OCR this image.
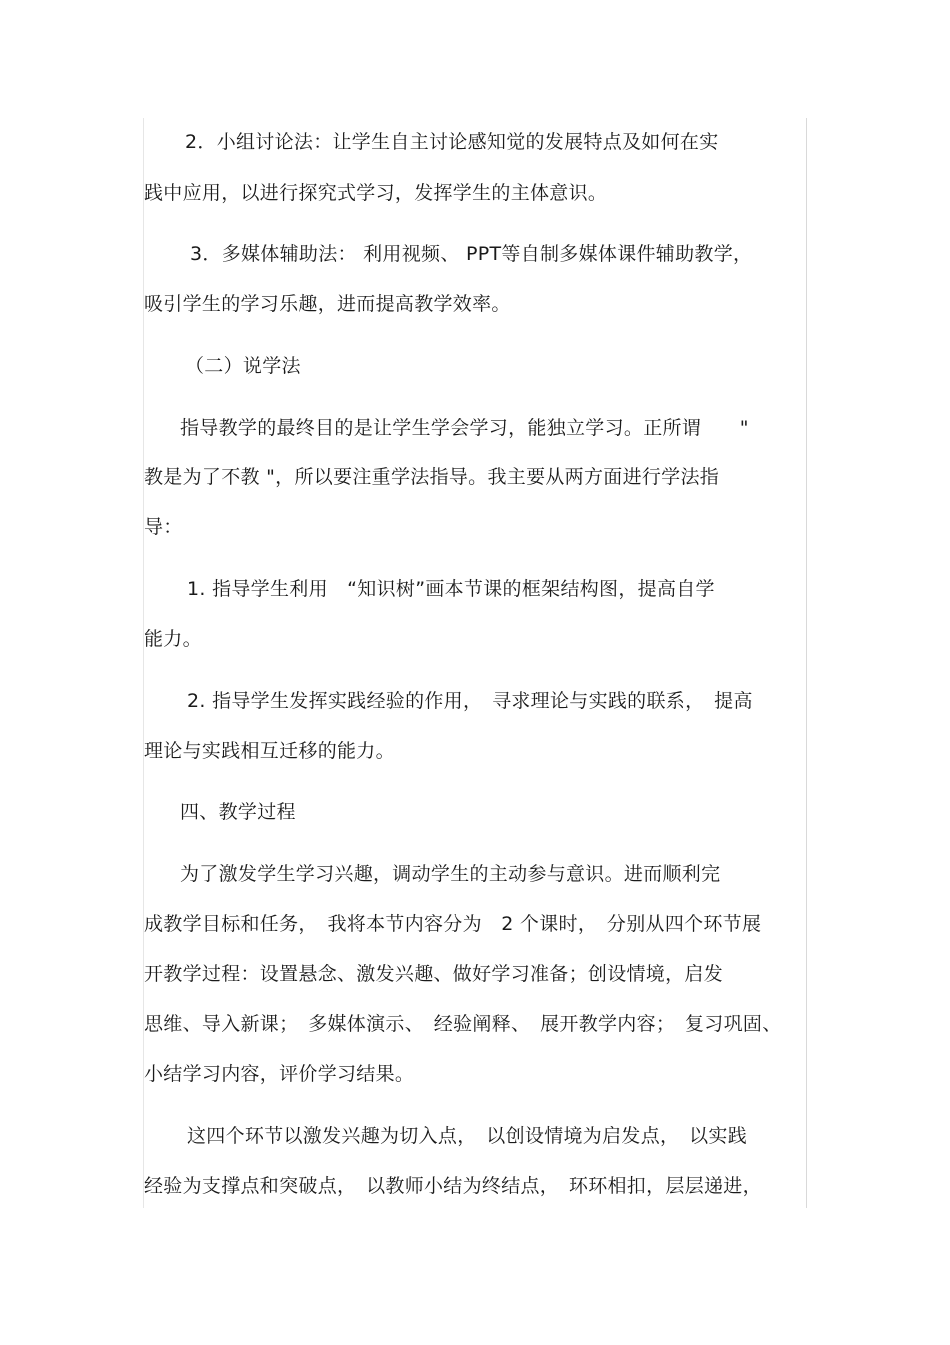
2．小组讨论法：让学生自主讨论感知觉的发展特点及如何在实
践中应用，以进行探究式学习，发挥学生的主体意识。
3．多媒体辅助法： 利用视频、 PPT等自制多媒体课件辅助教学，
吸引学生的学习乐趣，进而提高教学效率。
（二）说学法
指导教学的最终目的是让学生学会学习，能独立学习。正所谓　　"
教是为了不教 "，所以要注重学法指导。我主要从两方面进行学法指
导：
1. 指导学生利用　“知识树”画本节课的框架结构图，提高自学
能力。
2. 指导学生发挥实践经验的作用，　寻求理论与实践的联系，　提高
理论与实践相互迁移的能力。
四、教学过程
为了激发学生学习兴趣，调动学生的主动参与意识。进而顺利完
成教学目标和任务，　我将本节内容分为　2 个课时，　分别从四个环节展
开教学过程：设置悬念、激发兴趣、做好学习准备；创设情境，启发
思维、导入新课；　多媒体演示、　经验阐释、　展开教学内容；　复习巩固、
小结学习内容，评价学习结果。
这四个环节以激发兴趣为切入点，　以创设情境为启发点，　以实践
经验为支撑点和突破点，　以教师小结为终结点，　环环相扣，层层递进，
